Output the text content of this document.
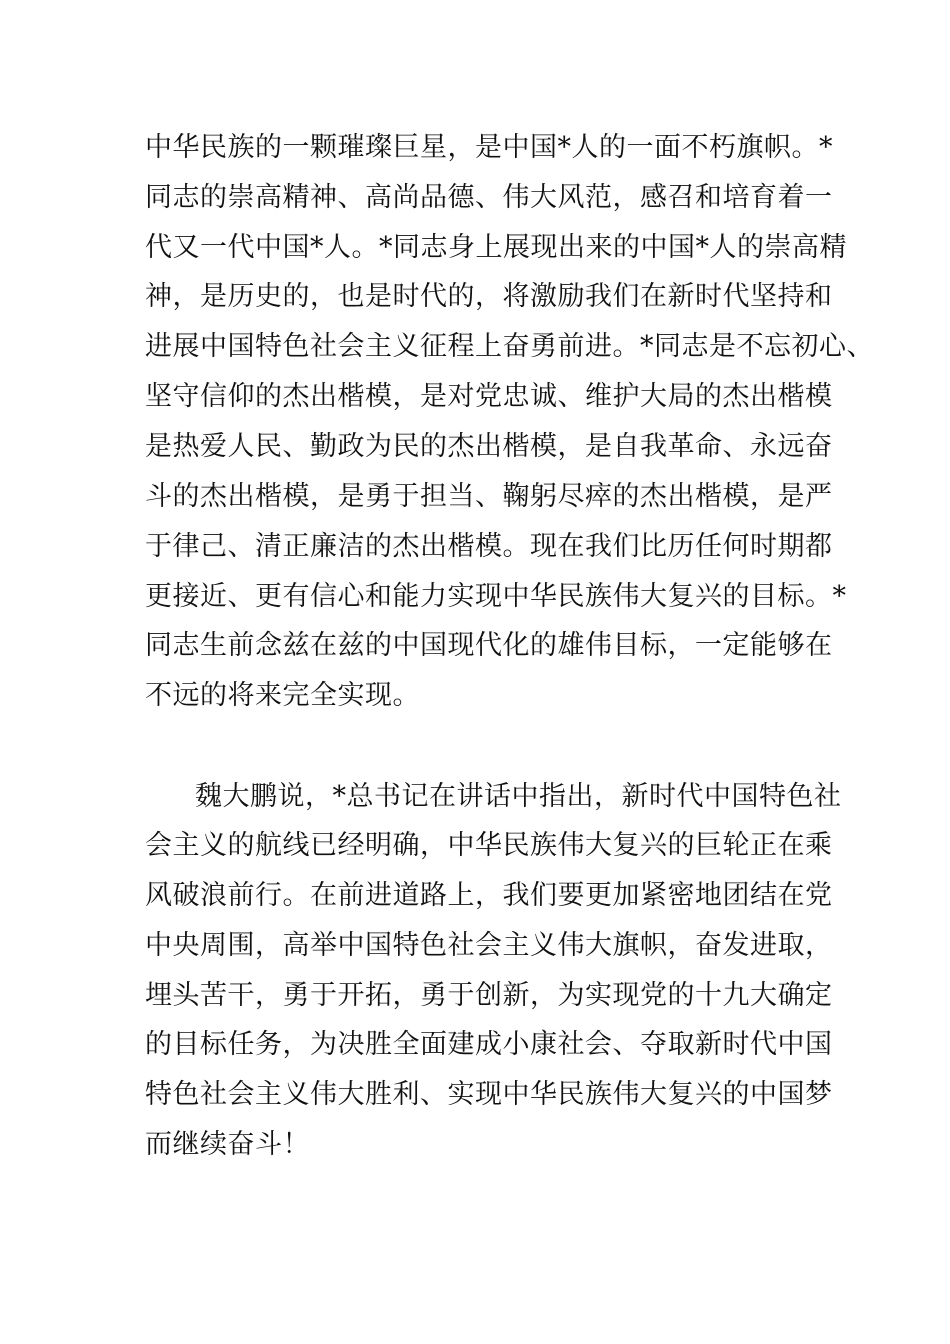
中华民族的一颗璀璨巨星，是中国*人的一面不朽旗帜。*
同志的崇高精神、高尚品德、伟大风范，感召和培育着一
代又一代中国*人。*同志身上展现出来的中国*人的崇高精
神，是历史的，也是时代的，将激励我们在新时代坚持和
进展中国特色社会主义征程上奋勇前进。*同志是不忘初心、
坚守信仰的杰出楷模，是对党忠诚、维护大局的杰出楷模
是热爱人民、勤政为民的杰出楷模，是自我革命、永远奋
斗的杰出楷模，是勇于担当、鞠躬尽瘁的杰出楷模，是严
于律己、清正廉洁的杰出楷模。现在我们比历任何时期都
更接近、更有信心和能力实现中华民族伟大复兴的目标。*
同志生前念兹在兹的中国现代化的雄伟目标，一定能够在
不远的将来完全实现。
魏大鹏说，*总书记在讲话中指出，新时代中国特色社
会主义的航线已经明确，中华民族伟大复兴的巨轮正在乘
风破浪前行。在前进道路上，我们要更加紧密地团结在党
中央周围，高举中国特色社会主义伟大旗帜，奋发进取，
埋头苦干，勇于开拓，勇于创新，为实现党的十九大确定
的目标任务，为决胜全面建成小康社会、夺取新时代中国
特色社会主义伟大胜利、实现中华民族伟大复兴的中国梦
而继续奋斗！
